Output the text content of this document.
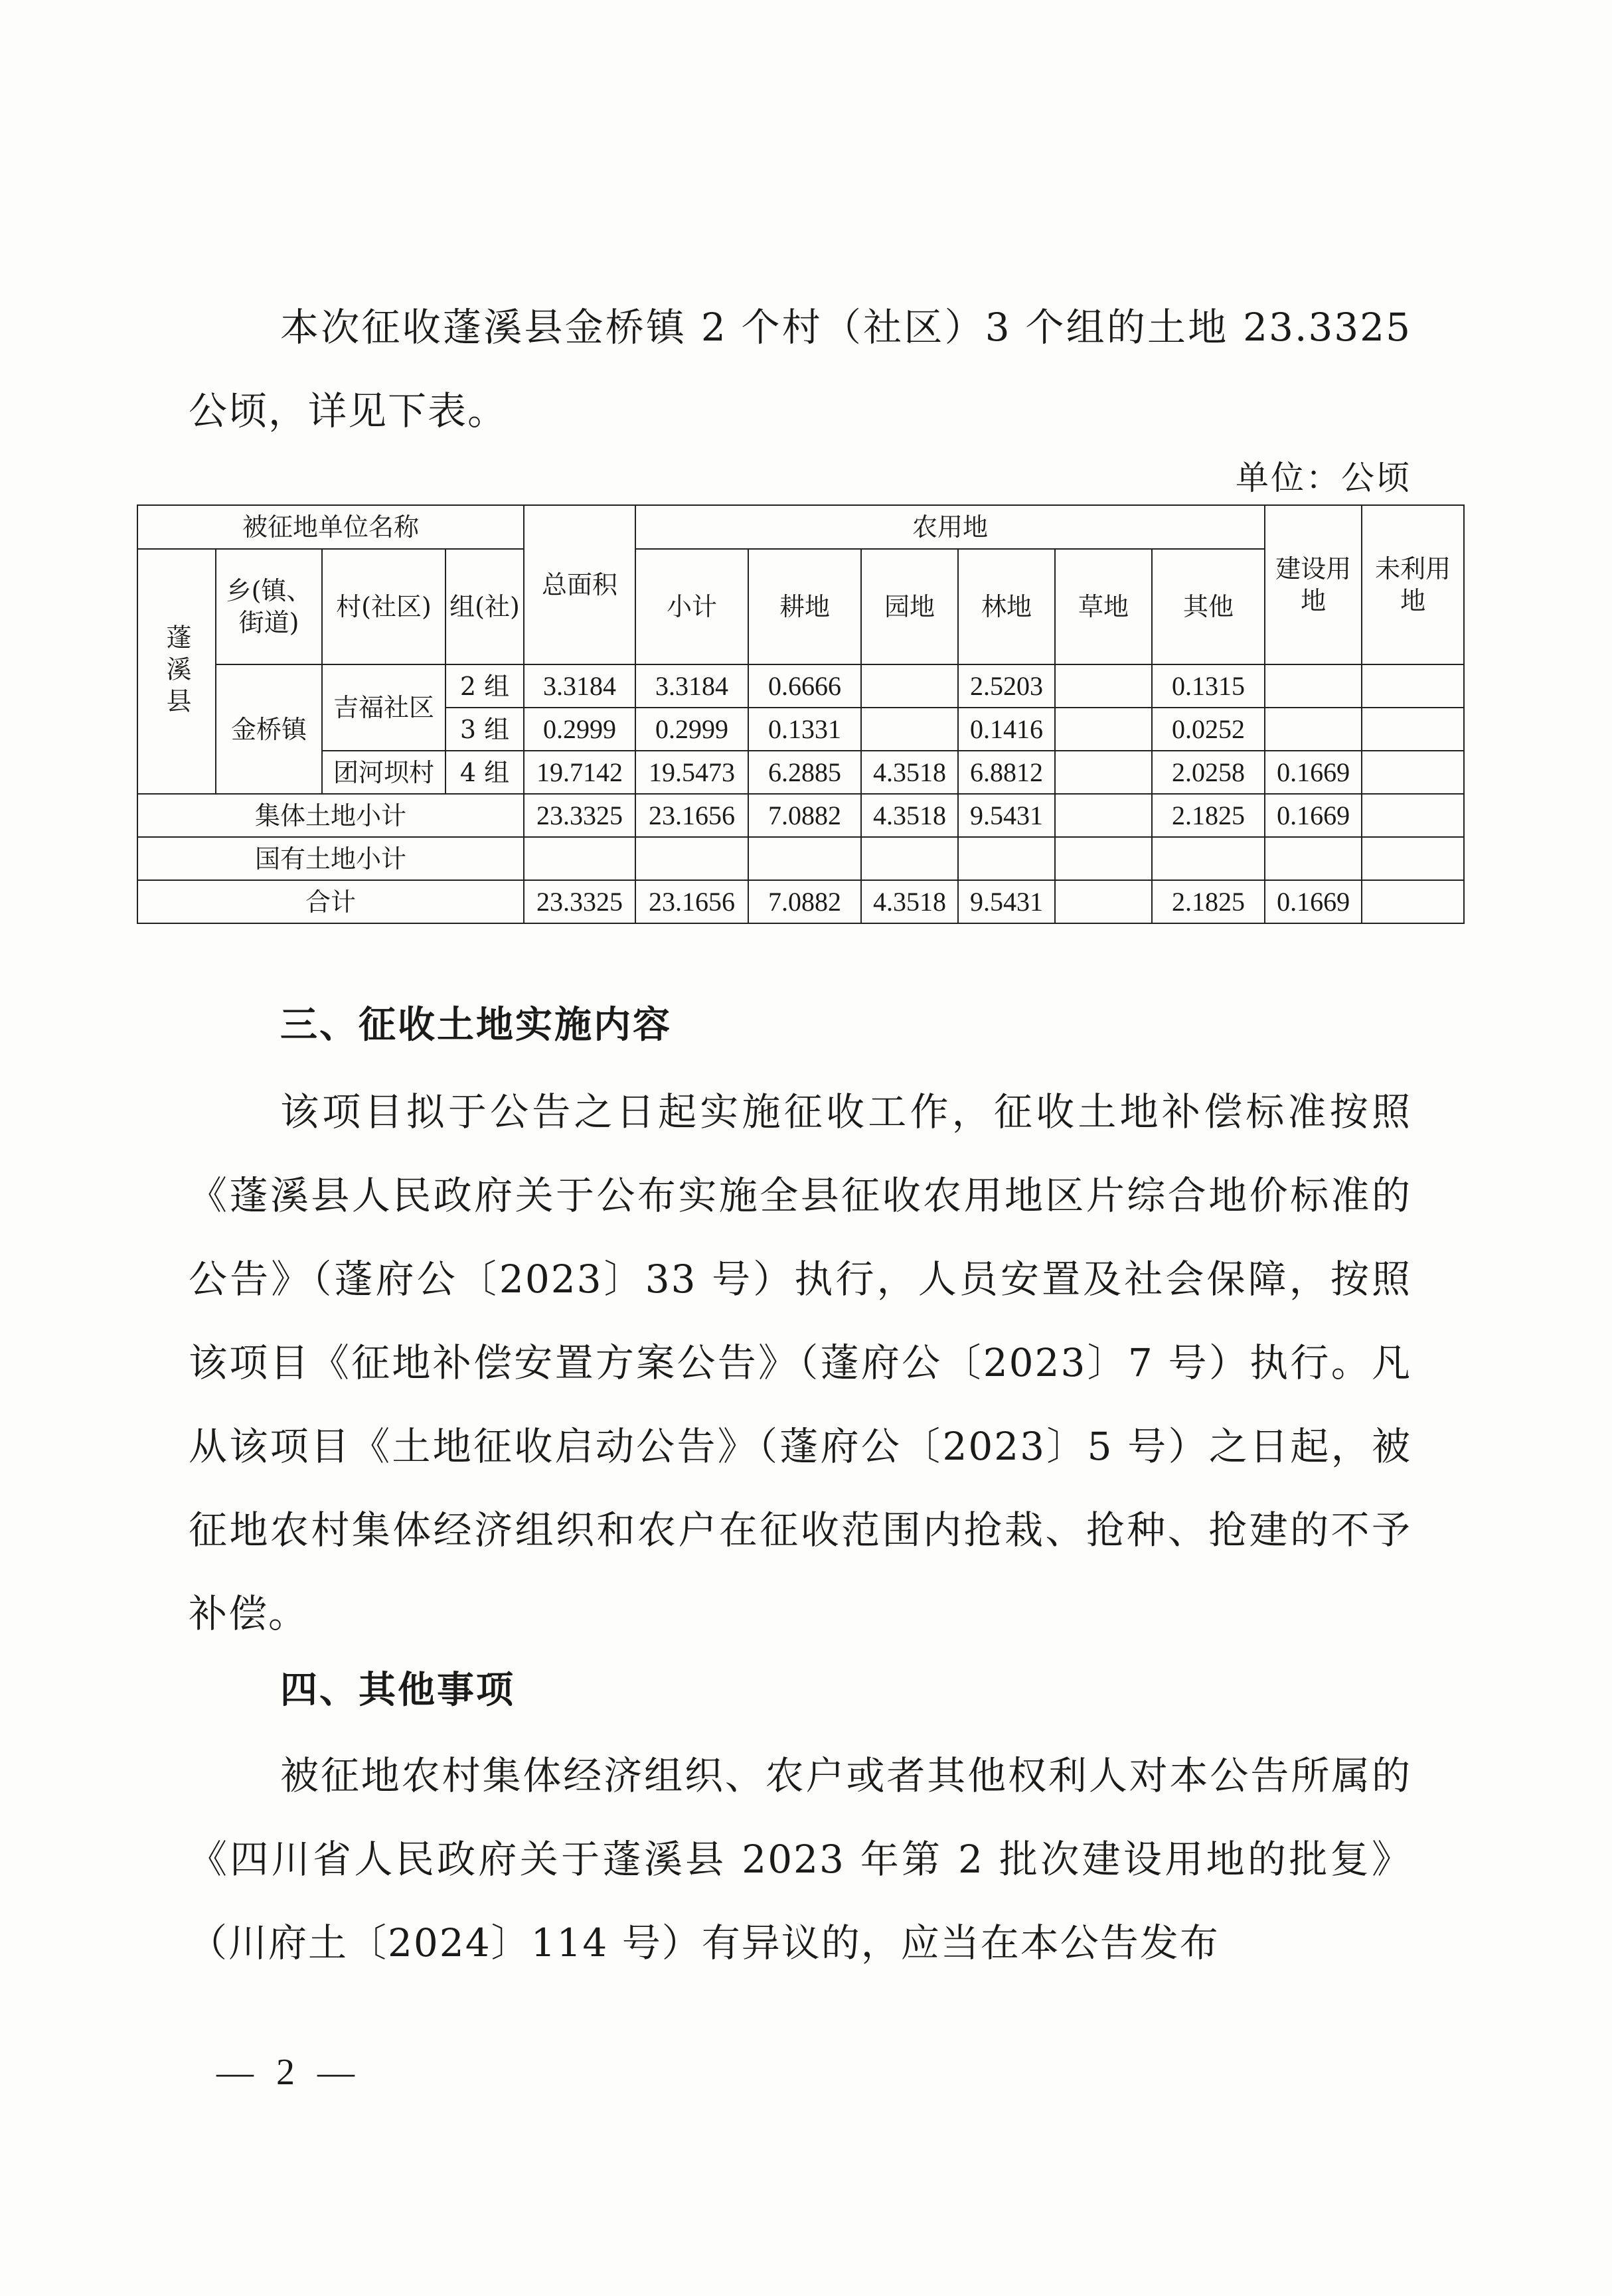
本次征收蓬溪县金桥镇 2 个村（社区）3 个组的土地 23.3325 公顷，详见下表。

单位：公顷
被征地单位名称				总面积	农用地						建设用地	未利用地

蓬溪县	乡(镇、街道)	村(社区)	组(社)		小计	耕地	园地	林地	草地	其他		
	金桥镇	吉福社区	2 组	3.3184	3.3184	0.6666		2.5203		0.1315		
			3 组	0.2999	0.2999	0.1331		0.1416		0.0252		
		团河坝村	4 组	19.7142	19.5473	6.2885	4.3518	6.8812		2.0258	0.1669	
集体土地小计				23.3325	23.1656	7.0882	4.3518	9.5431		2.1825	0.1669	
国有土地小计												
合计				23.3325	23.1656	7.0882	4.3518	9.5431		2.1825	0.1669	
三、征收土地实施内容

该项目拟于公告之日起实施征收工作，征收土地补偿标准按照《蓬溪县人民政府关于公布实施全县征收农用地区片综合地价标准的公告》（蓬府公〔2023〕33 号）执行，人员安置及社会保障，按照该项目《征地补偿安置方案公告》（蓬府公〔2023〕7 号）执行。凡从该项目《土地征收启动公告》（蓬府公〔2023〕5 号）之日起，被征地农村集体经济组织和农户在征收范围内抢栽、抢种、抢建的不予补偿。

四、其他事项

被征地农村集体经济组织、农户或者其他权利人对本公告所属的《四川省人民政府关于蓬溪县 2023 年第 2 批次建设用地的批复》（川府土〔2024〕114 号）有异议的，应当在本公告发布

— 2 —
